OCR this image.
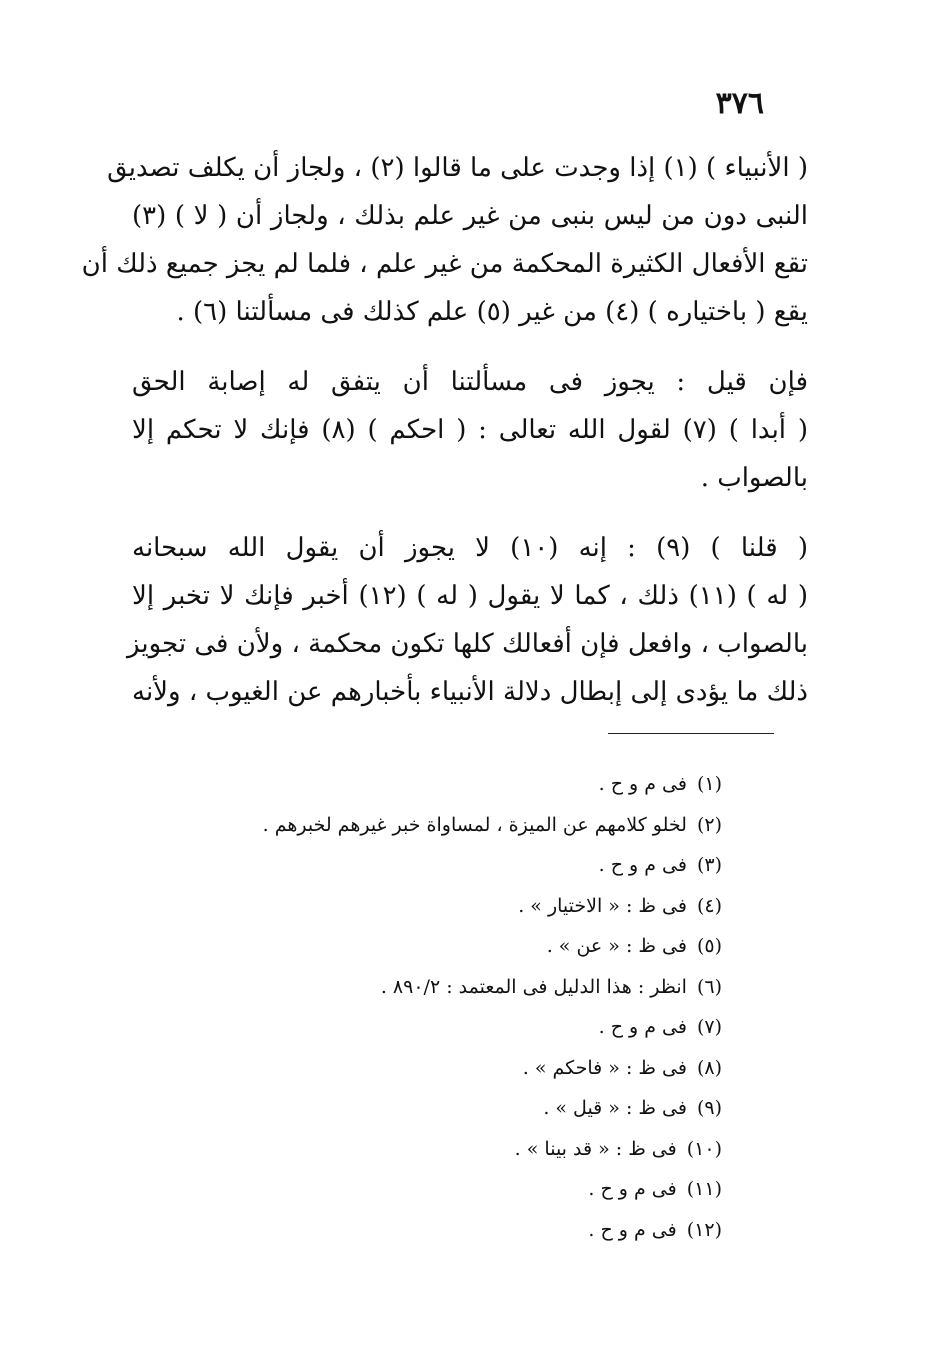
٣٧٦

( الأنبياء ) (١) إذا وجدت على ما قالوا (٢) ، ولجاز أن يكلف تصديق
النبى دون من ليس بنبى من غير علم بذلك ، ولجاز أن ( لا ) (٣)
تقع الأفعال الكثيرة المحكمة من غير علم ، فلما لم يجز جميع ذلك أن
يقع ( باختياره ) (٤) من غير (٥) علم كذلك فى مسألتنا (٦) .

فإن قيل : يجوز فى مسألتنا أن يتفق له إصابة الحق
( أبدا ) (٧) لقول الله تعالى : ( احكم ) (٨) فإنك لا تحكم إلا
بالصواب .

( قلنا ) (٩) : إنه (١٠) لا يجوز أن يقول الله سبحانه
( له ) (١١) ذلك ، كما لا يقول ( له ) (١٢) أخبر فإنك لا تخبر إلا
بالصواب ، وافعل فإن أفعالك كلها تكون محكمة ، ولأن فى تجويز
ذلك ما يؤدى إلى إبطال دلالة الأنبياء بأخبارهم عن الغيوب ، ولأنه

(١)فى م و ح .
(٢)لخلو كلامهم عن الميزة ، لمساواة خبر غيرهم لخبرهم .
(٣)فى م و ح .
(٤)فى ظ : « الاختيار » .
(٥)فى ظ : « عن » .
(٦)انظر : هذا الدليل فى المعتمد : ٨٩٠/٢ .
(٧)فى م و ح .
(٨)فى ظ : « فاحكم » .
(٩)فى ظ : « قيل » .
(١٠)فى ظ : « قد بينا » .
(١١)فى م و ح .
(١٢)فى م و ح .
